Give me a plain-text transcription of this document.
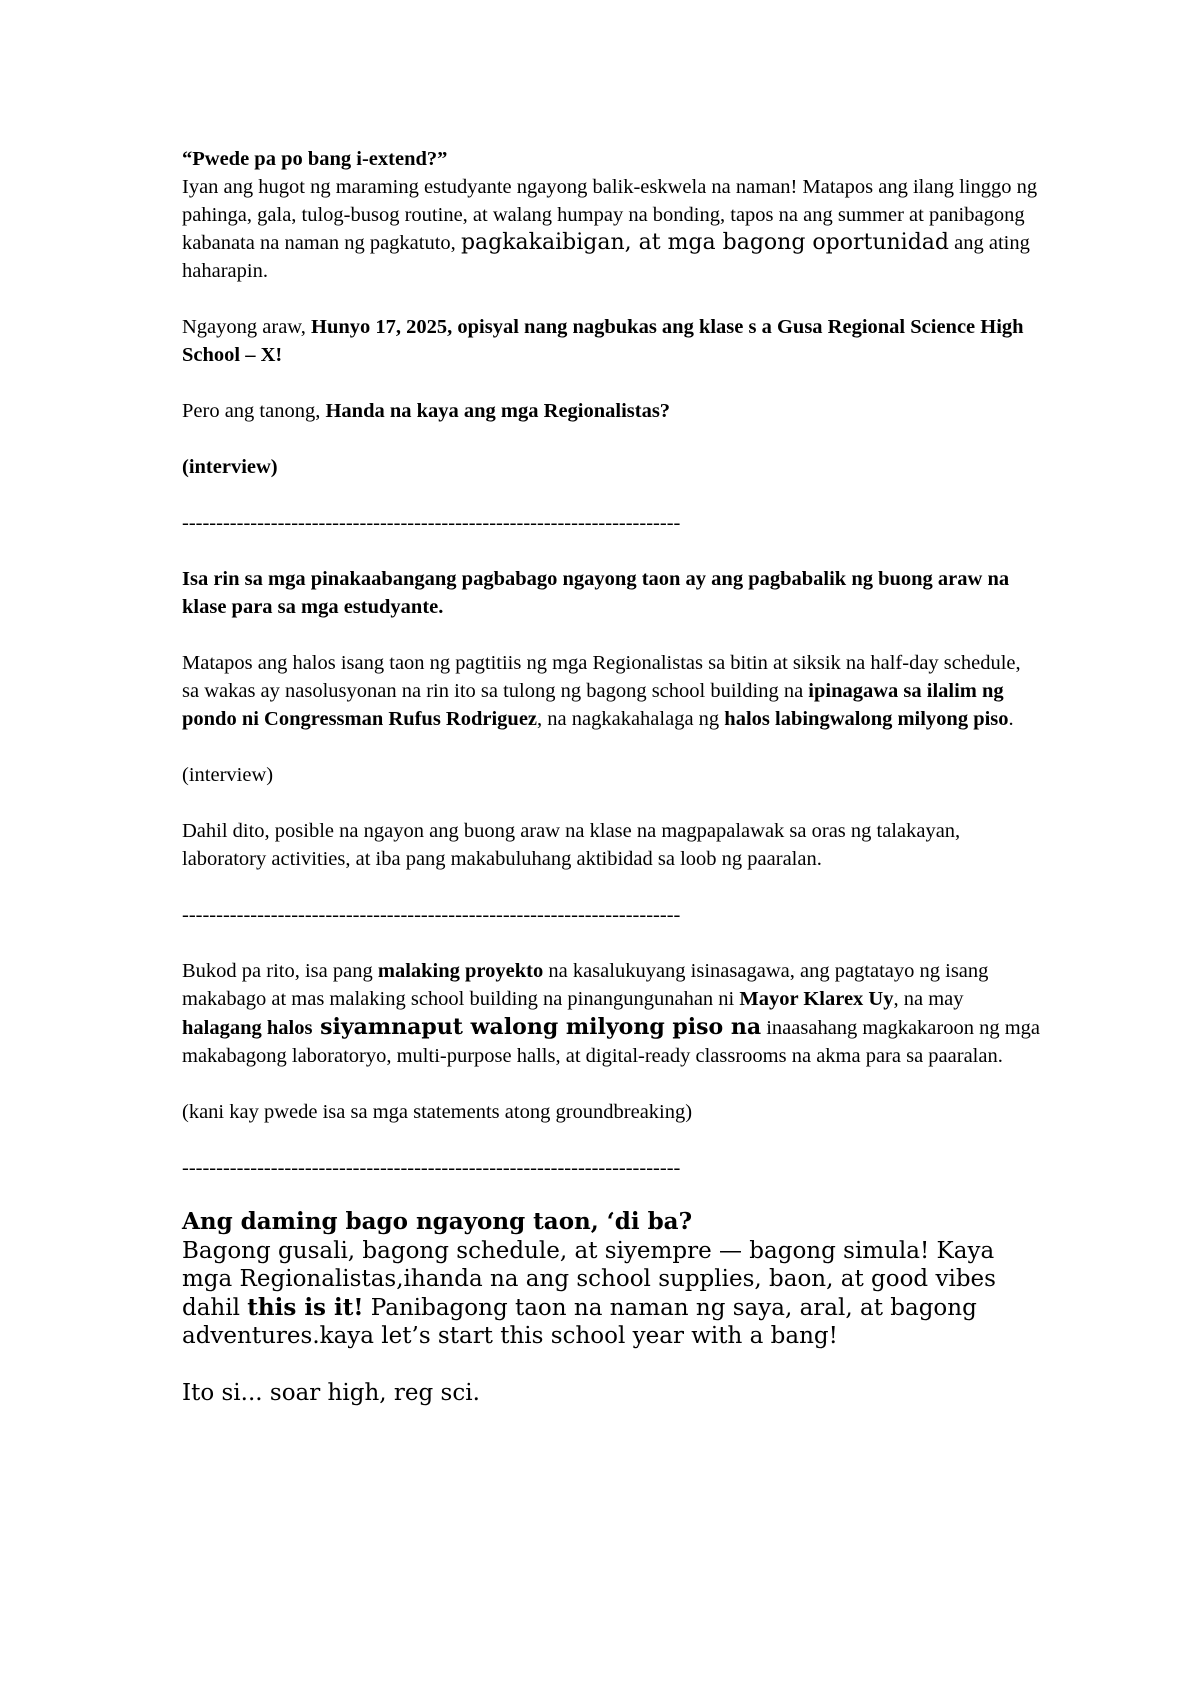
“Pwede pa po bang i-extend?”

Iyan ang hugot ng maraming estudyante ngayong balik-eskwela na naman! Matapos ang ilang linggo ng pahinga, gala, tulog-busog routine, at walang humpay na bonding, tapos na ang summer at panibagong kabanata na naman ng pagkatuto, pagkakaibigan, at mga bagong oportunidad ang ating haharapin.

Ngayong araw, Hunyo 17, 2025, opisyal nang nagbukas ang klase s a Gusa Regional Science High School – X!

Pero ang tanong, Handa na kaya ang mga Regionalistas?

(interview)

-------------------------------------------------------------------------

Isa rin sa mga pinakaabangang pagbabago ngayong taon ay ang pagbabalik ng buong araw na klase para sa mga estudyante.

Matapos ang halos isang taon ng pagtitiis ng mga Regionalistas sa bitin at siksik na half-day schedule, sa wakas ay nasolusyonan na rin ito sa tulong ng bagong school building na ipinagawa sa ilalim ng pondo ni Congressman Rufus Rodriguez, na nagkakahalaga ng halos labingwalong milyong piso.

(interview)

Dahil dito, posible na ngayon ang buong araw na klase na magpapalawak sa oras ng talakayan, laboratory activities, at iba pang makabuluhang aktibidad sa loob ng paaralan.

-------------------------------------------------------------------------

Bukod pa rito, isa pang malaking proyekto na kasalukuyang isinasagawa, ang pagtatayo ng isang makabago at mas malaking school building na pinangungunahan ni Mayor Klarex Uy, na may halagang halos siyamnaput walong milyong piso na inaasahang magkakaroon ng mga makabagong laboratoryo, multi-purpose halls, at digital-ready classrooms na akma para sa paaralan.

(kani kay pwede isa sa mga statements atong groundbreaking)

-------------------------------------------------------------------------

Ang daming bago ngayong taon, ‘di ba?

Bagong gusali, bagong schedule, at siyempre — bagong simula! Kaya mga Regionalistas,ihanda na ang school supplies, baon, at good vibes dahil this is it! Panibagong taon na naman ng saya, aral, at bagong adventures.kaya let’s start this school year with a bang!

Ito si... soar high, reg sci.
